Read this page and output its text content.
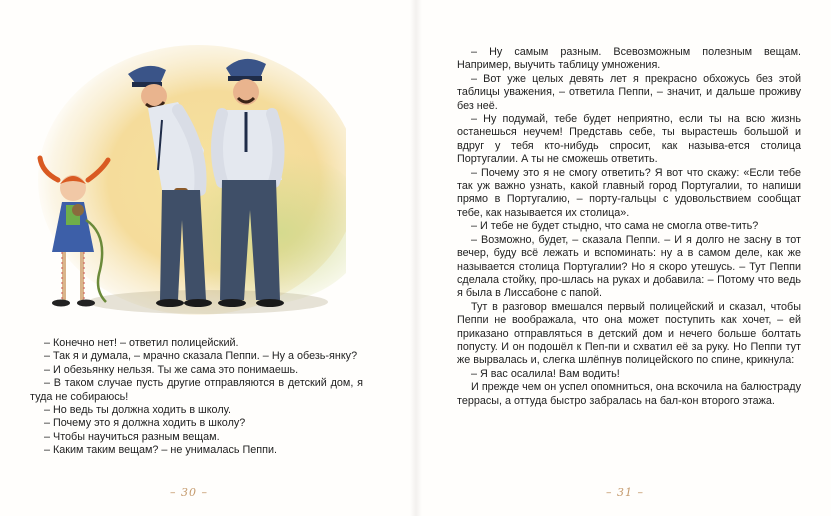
– Конечно нет! – ответил полицейский.

– Так я и думала, – мрачно сказала Пеппи. – Ну а обезь-янку?

– И обезьянку нельзя. Ты же сама это понимаешь.

– В таком случае пусть другие отправляются в детский дом, я туда не собираюсь!

– Но ведь ты должна ходить в школу.

– Почему это я должна ходить в школу?

– Чтобы научиться разным вещам.

– Каким таким вещам? – не унималась Пеппи.

– 30 –

– Ну самым разным. Всевозможным полезным вещам. Например, выучить таблицу умножения.

– Вот уже целых девять лет я прекрасно обхожусь без этой таблицы уважения, – ответила Пеппи, – значит, и дальше проживу без неё.

– Ну подумай, тебе будет неприятно, если ты на всю жизнь останешься неучем! Представь себе, ты вырастешь большой и вдруг у тебя кто-нибудь спросит, как называ-ется столица Португалии. А ты не сможешь ответить.

– Почему это я не смогу ответить? Я вот что скажу: «Если тебе так уж важно узнать, какой главный город Португалии, то напиши прямо в Португалию, – порту-гальцы с удовольствием сообщат тебе, как называется их столица».

– И тебе не будет стыдно, что сама не смогла отве-тить?

– Возможно, будет, – сказала Пеппи. – И я долго не засну в тот вечер, буду всё лежать и вспоминать: ну а в самом деле, как же называется столица Португалии? Но я скоро утешусь. – Тут Пеппи сделала стойку, про-шлась на руках и добавила: – Потому что ведь я была в Лиссабоне с папой.

Тут в разговор вмешался первый полицейский и сказал, чтобы Пеппи не воображала, что она может поступить как хочет, – ей приказано отправляться в детский дом и нечего больше болтать попусту. И он подошёл к Пеп-пи и схватил её за руку. Но Пеппи тут же вырвалась и, слегка шлёпнув полицейского по спине, крикнула:

– Я вас осалила! Вам водить!

И прежде чем он успел опомниться, она вскочила на балюстраду террасы, а оттуда быстро забралась на бал-кон второго этажа.

– 31 –
